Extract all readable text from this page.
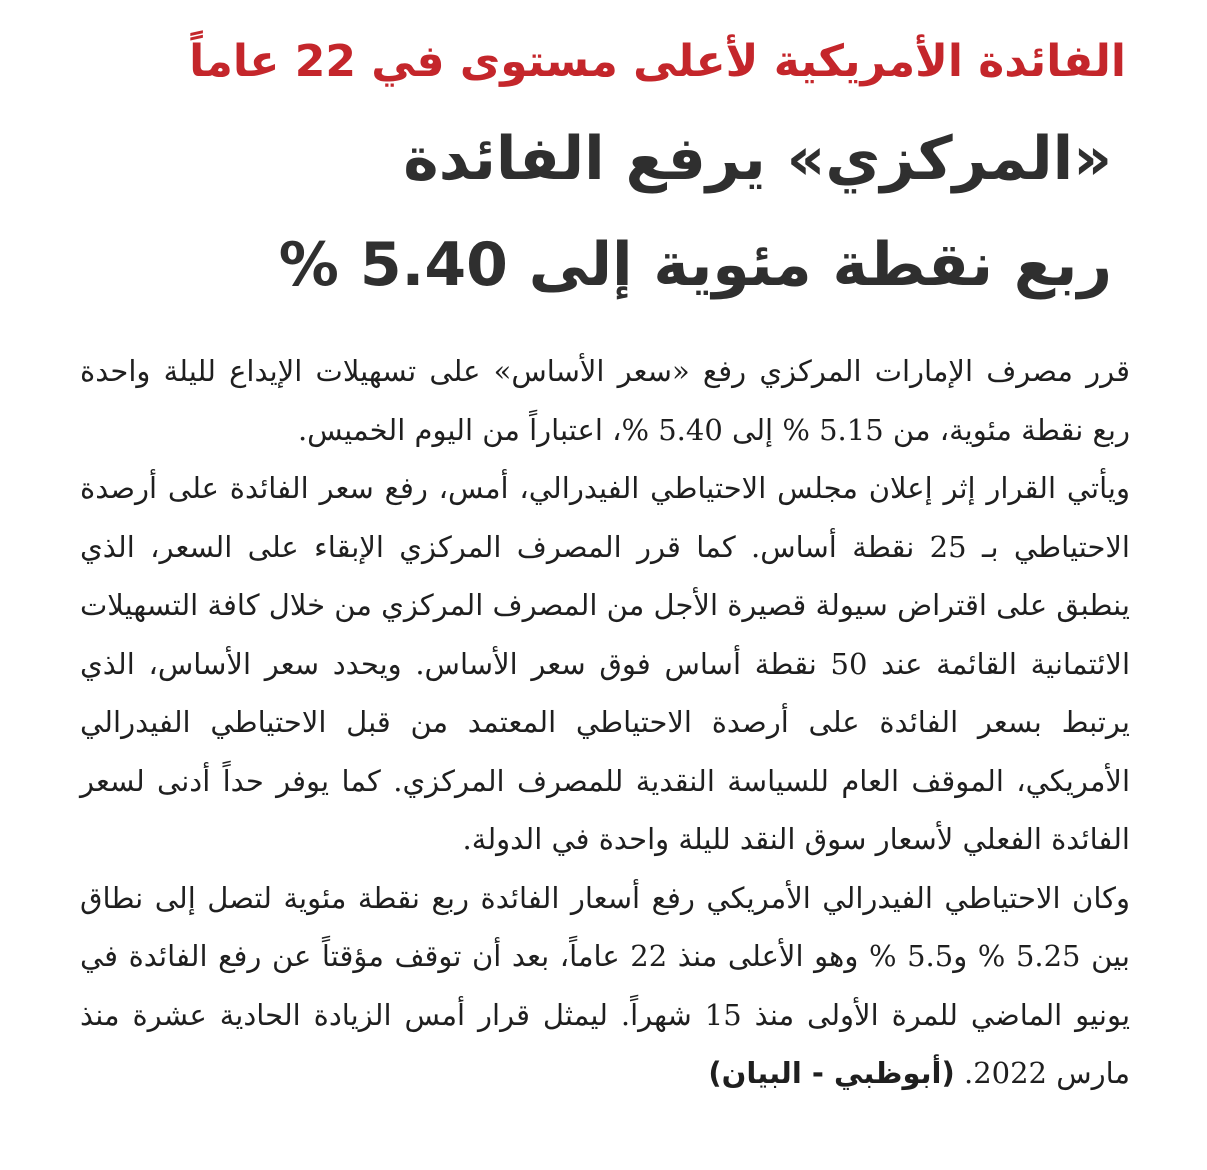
الفائدة الأمريكية لأعلى مستوى في 22 عاماً
«المركزي» يرفع الفائدة
ربع نقطة مئوية إلى 5.40 %

قرر مصرف الإمارات المركزي رفع «سعر الأساس» على تسهيلات الإيداع لليلة واحدة ربع نقطة مئوية، من 5.15 % إلى 5.40 %، اعتباراً من اليوم الخميس.

ويأتي القرار إثر إعلان مجلس الاحتياطي الفيدرالي، أمس، رفع سعر الفائدة على أرصدة الاحتياطي بـ 25 نقطة أساس. كما قرر المصرف المركزي الإبقاء على السعر، الذي ينطبق على اقتراض سيولة قصيرة الأجل من المصرف المركزي من خلال كافة التسهيلات الائتمانية القائمة عند 50 نقطة أساس فوق سعر الأساس. ويحدد سعر الأساس، الذي يرتبط بسعر الفائدة على أرصدة الاحتياطي المعتمد من قبل الاحتياطي الفيدرالي الأمريكي، الموقف العام للسياسة النقدية للمصرف المركزي. كما يوفر حداً أدنى لسعر الفائدة الفعلي لأسعار سوق النقد لليلة واحدة في الدولة.

وكان الاحتياطي الفيدرالي الأمريكي رفع أسعار الفائدة ربع نقطة مئوية لتصل إلى نطاق بين 5.25 % و5.5 % وهو الأعلى منذ 22 عاماً، بعد أن توقف مؤقتاً عن رفع الفائدة في يونيو الماضي للمرة الأولى منذ 15 شهراً. ليمثل قرار أمس الزيادة الحادية عشرة منذ مارس 2022. (أبوظبي - البيان)
